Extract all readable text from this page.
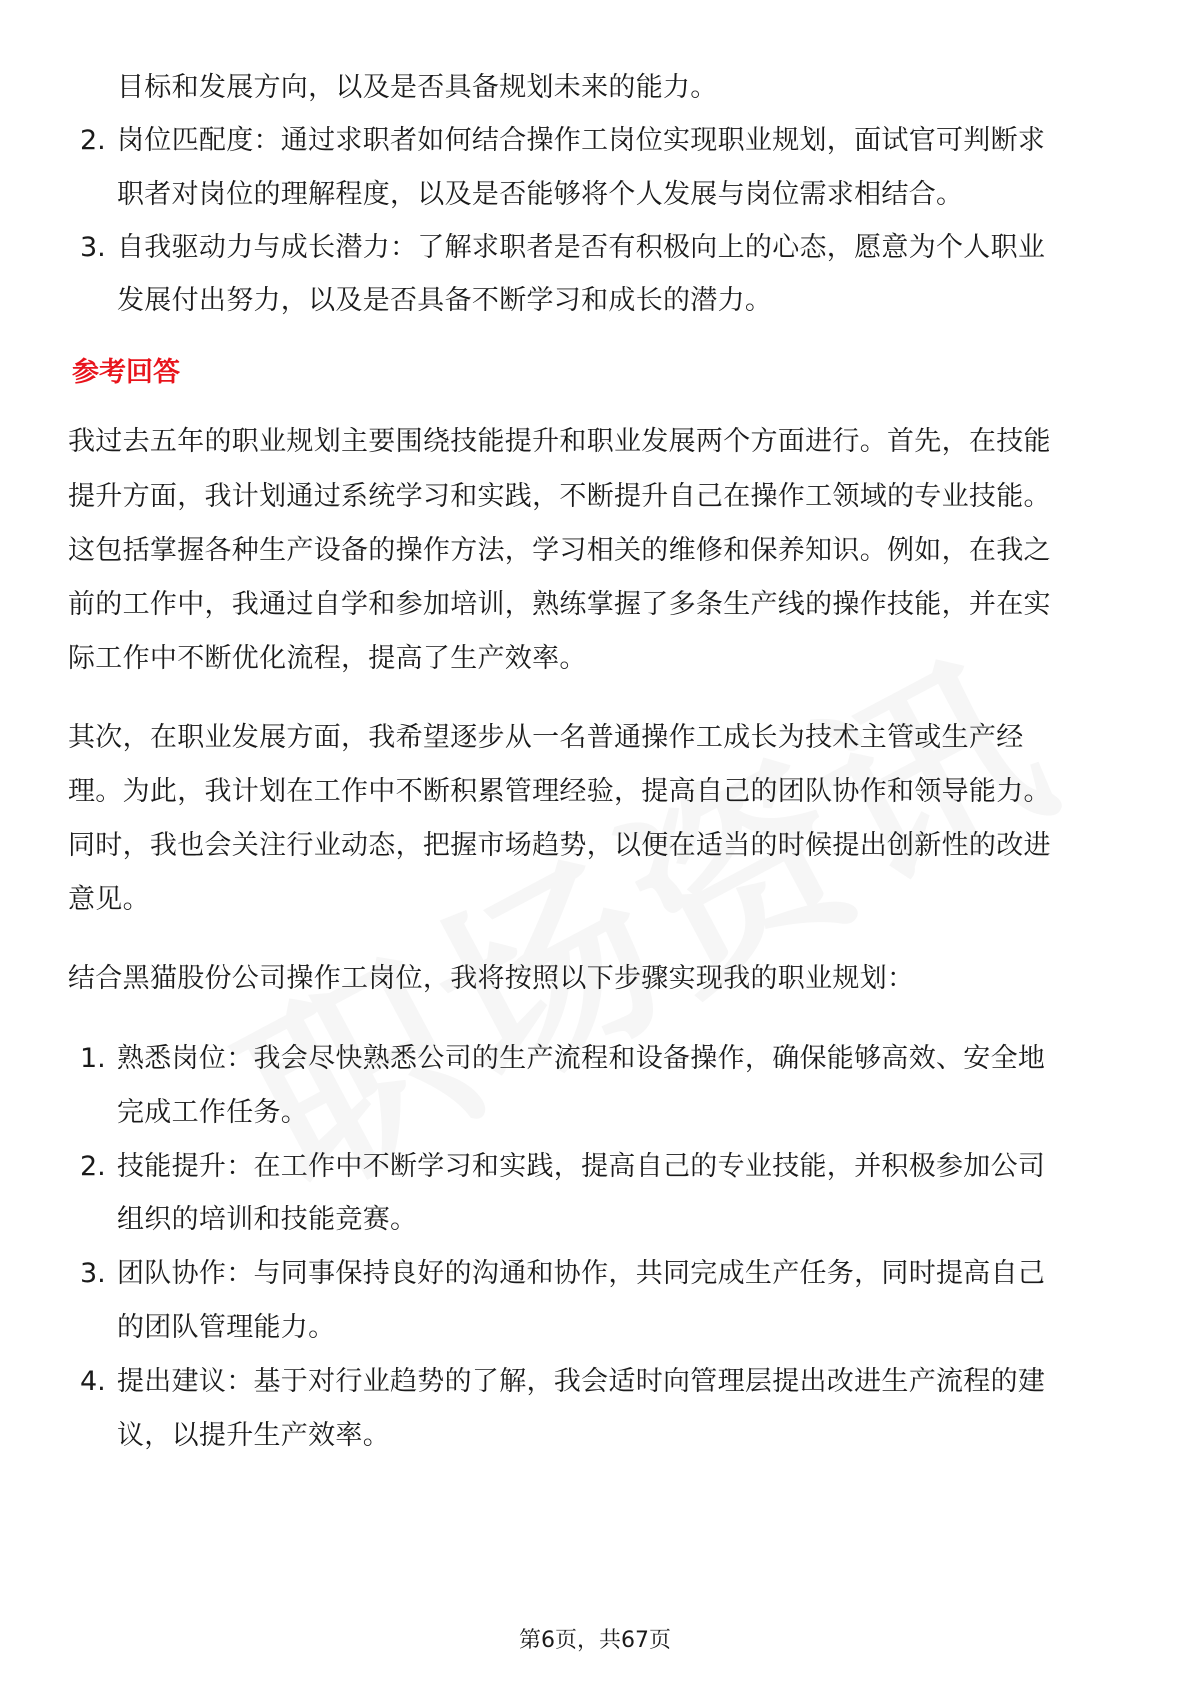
目标和发展方向，以及是否具备规划未来的能力。
2. 岗位匹配度：通过求职者如何结合操作工岗位实现职业规划，面试官可判断求
职者对岗位的理解程度，以及是否能够将个人发展与岗位需求相结合。
3. 自我驱动力与成长潜力：了解求职者是否有积极向上的心态，愿意为个人职业
发展付出努力，以及是否具备不断学习和成长的潜力。
参考回答
我过去五年的职业规划主要围绕技能提升和职业发展两个方面进行。首先，在技能
提升方面，我计划通过系统学习和实践，不断提升自己在操作工领域的专业技能。
这包括掌握各种生产设备的操作方法，学习相关的维修和保养知识。例如，在我之
前的工作中，我通过自学和参加培训，熟练掌握了多条生产线的操作技能，并在实
际工作中不断优化流程，提高了生产效率。
其次，在职业发展方面，我希望逐步从一名普通操作工成长为技术主管或生产经
理。为此，我计划在工作中不断积累管理经验，提高自己的团队协作和领导能力。
同时，我也会关注行业动态，把握市场趋势，以便在适当的时候提出创新性的改进
意见。
结合黑猫股份公司操作工岗位，我将按照以下步骤实现我的职业规划：
1. 熟悉岗位：我会尽快熟悉公司的生产流程和设备操作，确保能够高效、安全地
完成工作任务。
2. 技能提升：在工作中不断学习和实践，提高自己的专业技能，并积极参加公司
组织的培训和技能竞赛。
3. 团队协作：与同事保持良好的沟通和协作，共同完成生产任务，同时提高自己
的团队管理能力。
4. 提出建议：基于对行业趋势的了解，我会适时向管理层提出改进生产流程的建
议，以提升生产效率。
第6页，共67页
